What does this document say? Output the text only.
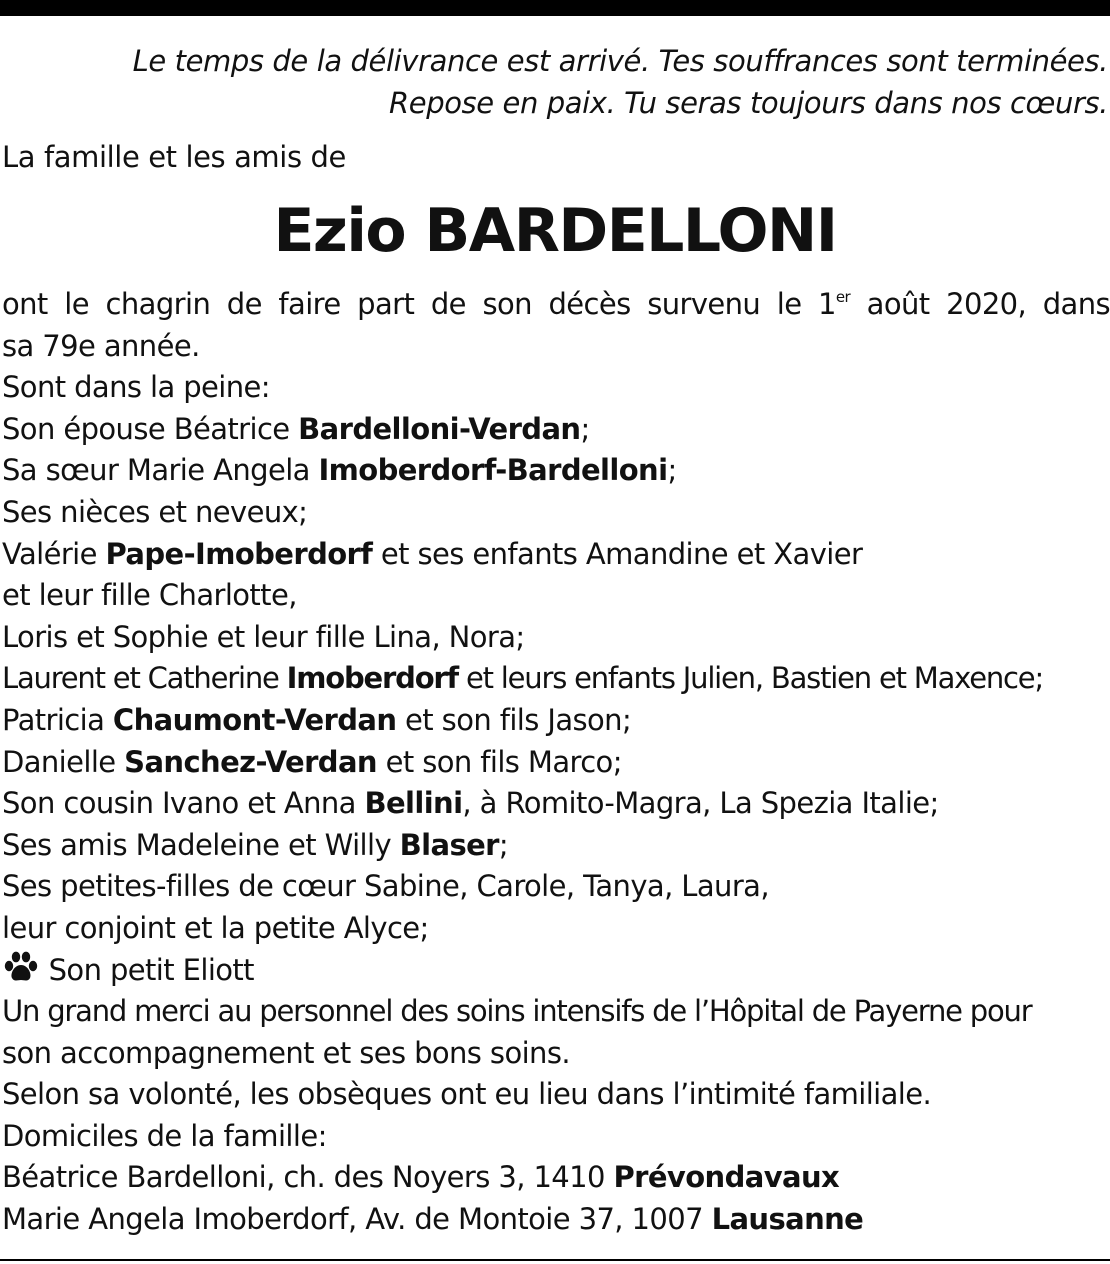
Le temps de la délivrance est arrivé. Tes souffrances sont terminées.
Repose en paix. Tu seras toujours dans nos cœurs.
La famille et les amis de
Ezio BARDELLONI
ont le chagrin de faire part de son décès survenu le 1er août 2020, dans
sa 79e année.
Sont dans la peine:
Son épouse Béatrice Bardelloni-Verdan;
Sa sœur Marie Angela Imoberdorf-Bardelloni;
Ses nièces et neveux;
Valérie Pape-Imoberdorf et ses enfants Amandine et Xavier
et leur fille Charlotte,
Loris et Sophie et leur fille Lina, Nora;
Laurent et Catherine Imoberdorf et leurs enfants Julien, Bastien et Maxence;
Patricia Chaumont-Verdan et son fils Jason;
Danielle Sanchez-Verdan et son fils Marco;
Son cousin Ivano et Anna Bellini, à Romito-Magra, La Spezia Italie;
Ses amis Madeleine et Willy Blaser;
Ses petites-filles de cœur Sabine, Carole, Tanya, Laura,
leur conjoint et la petite Alyce;
Son petit Eliott
Un grand merci au personnel des soins intensifs de l’Hôpital de Payerne pour
son accompagnement et ses bons soins.
Selon sa volonté, les obsèques ont eu lieu dans l’intimité familiale.
Domiciles de la famille:
Béatrice Bardelloni, ch. des Noyers 3, 1410 Prévondavaux
Marie Angela Imoberdorf, Av. de Montoie 37, 1007 Lausanne
